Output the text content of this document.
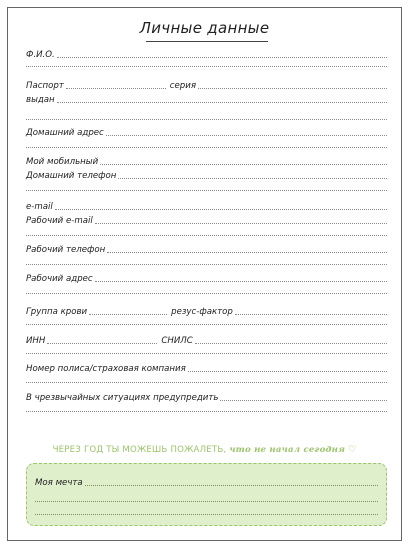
Личные данные
Ф.И.О.
Паспорт	серия
выдан
Домашний адрес
Мой мобильный
Домашний телефон
e-mail
Рабочий e-mail
Рабочий телефон
Рабочий адрес
Группа крови	резус-фактор
ИНН	СНИЛС
Номер полиса/страховая компания
В чрезвычайных ситуациях предупредить
ЧЕРЕЗ ГОД ТЫ МОЖЕШЬ ПОЖАЛЕТЬ, что не начал сегодня ♡
Моя мечта
